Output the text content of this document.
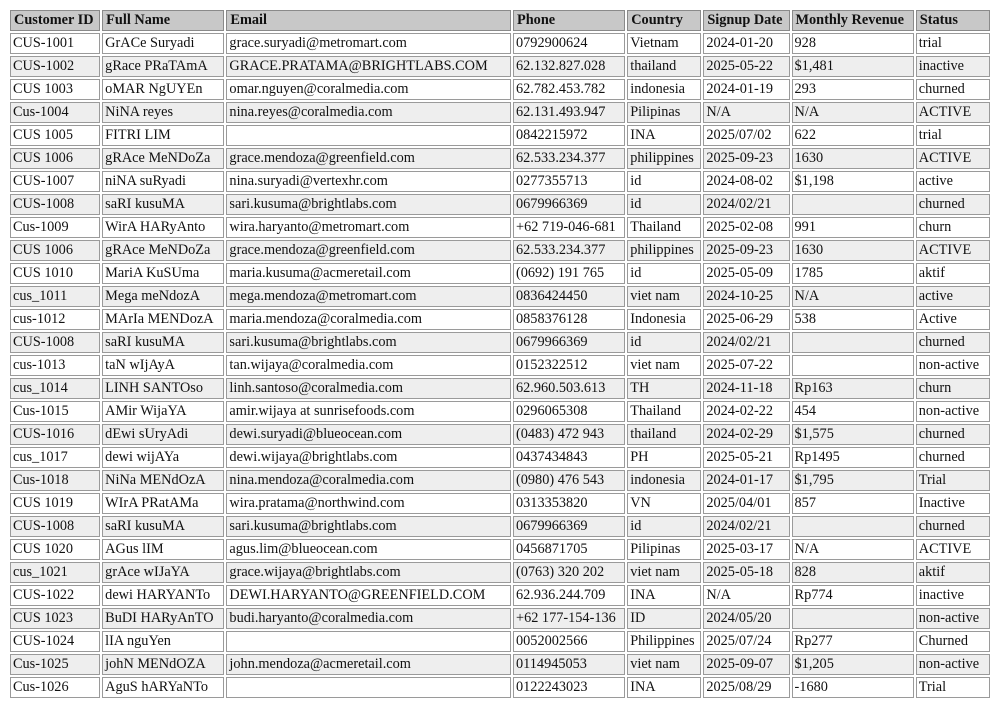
Customer ID	Full Name	Email	Phone	Country	Signup Date	Monthly Revenue	Status
CUS-1001	GrACe Suryadi	grace.suryadi@metromart.com	0792900624	Vietnam	2024-01-20	928	trial
CUS-1002	gRace PRaTAmA	GRACE.PRATAMA@BRIGHTLABS.COM	62.132.827.028	thailand	2025-05-22	$1,481	inactive
CUS 1003	oMAR NgUYEn	omar.nguyen@coralmedia.com	62.782.453.782	indonesia	2024-01-19	293	churned
Cus-1004	NiNA reyes	nina.reyes@coralmedia.com	62.131.493.947	Pilipinas	N/A	N/A	ACTIVE
CUS 1005	FITRI LIM		0842215972	INA	2025/07/02	622	trial
CUS 1006	gRAce MeNDoZa	grace.mendoza@greenfield.com	62.533.234.377	philippines	2025-09-23	1630	ACTIVE
CUS-1007	niNA suRyadi	nina.suryadi@vertexhr.com	0277355713	id	2024-08-02	$1,198	active
CUS-1008	saRI kusuMA	sari.kusuma@brightlabs.com	0679966369	id	2024/02/21		churned
Cus-1009	WirA HARyAnto	wira.haryanto@metromart.com	+62 719-046-681	Thailand	2025-02-08	991	churn
CUS 1006	gRAce MeNDoZa	grace.mendoza@greenfield.com	62.533.234.377	philippines	2025-09-23	1630	ACTIVE
CUS 1010	MariA KuSUma	maria.kusuma@acmeretail.com	(0692) 191 765	id	2025-05-09	1785	aktif
cus_1011	Mega meNdozA	mega.mendoza@metromart.com	0836424450	viet nam	2024-10-25	N/A	active
cus-1012	MArIa MENDozA	maria.mendoza@coralmedia.com	0858376128	Indonesia	2025-06-29	538	Active
CUS-1008	saRI kusuMA	sari.kusuma@brightlabs.com	0679966369	id	2024/02/21		churned
cus-1013	taN wIjAyA	tan.wijaya@coralmedia.com	0152322512	viet nam	2025-07-22		non-active
cus_1014	LINH SANTOso	linh.santoso@coralmedia.com	62.960.503.613	TH	2024-11-18	Rp163	churn
Cus-1015	AMir WijaYA	amir.wijaya at sunrisefoods.com	0296065308	Thailand	2024-02-22	454	non-active
CUS-1016	dEwi sUryAdi	dewi.suryadi@blueocean.com	(0483) 472 943	thailand	2024-02-29	$1,575	churned
cus_1017	dewi wijAYa	dewi.wijaya@brightlabs.com	0437434843	PH	2025-05-21	Rp1495	churned
Cus-1018	NiNa MENdOzA	nina.mendoza@coralmedia.com	(0980) 476 543	indonesia	2024-01-17	$1,795	Trial
CUS 1019	WIrA PRatAMa	wira.pratama@northwind.com	0313353820	VN	2025/04/01	857	Inactive
CUS-1008	saRI kusuMA	sari.kusuma@brightlabs.com	0679966369	id	2024/02/21		churned
CUS 1020	AGus lIM	agus.lim@blueocean.com	0456871705	Pilipinas	2025-03-17	N/A	ACTIVE
cus_1021	grAce wIJaYA	grace.wijaya@brightlabs.com	(0763) 320 202	viet nam	2025-05-18	828	aktif
CUS-1022	dewi HARYANTo	DEWI.HARYANTO@GREENFIELD.COM	62.936.244.709	INA	N/A	Rp774	inactive
CUS 1023	BuDI HARyAnTO	budi.haryanto@coralmedia.com	+62 177-154-136	ID	2024/05/20		non-active
CUS-1024	lIA nguYen		0052002566	Philippines	2025/07/24	Rp277	Churned
Cus-1025	johN MENdOZA	john.mendoza@acmeretail.com	0114945053	viet nam	2025-09-07	$1,205	non-active
Cus-1026	AguS hARYaNTo		0122243023	INA	2025/08/29	-1680	Trial
